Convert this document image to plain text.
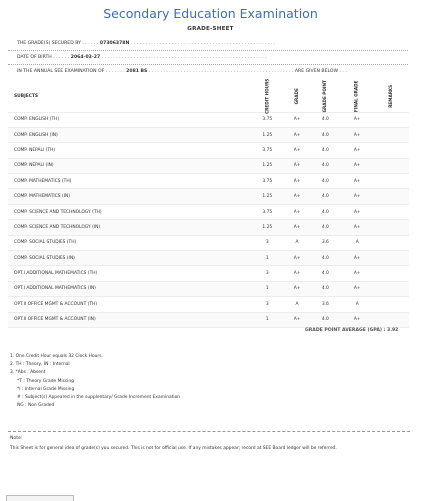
Secondary Education Examination
GRADE-SHEET
THE GRADE(S) SECURED BY . . . . . . 07306378N . . . . . . . . . . . . . . . . . . . . . . . . . . . . . . . . . . . . . . . . . . . . . . . . . .
DATE OF BIRTH . . . . . . 2064-03-27 . . . . . . . . . . . . . . . . . . . . . . . . . . . . . . . . . . . . . . . . . . . . . . . . . . . . . . . . .
IN THE ANNUAL SEE EXAMINATION OF . . . . . . . 2081 BS . . . . . . . . . . . . . . . . . . . . . . . . . . . . . . . . . . . . . . . . . . . . . . . . . . ARE GIVEN BELOW . . .
SUBJECTS	CREDIT HOURS	GRADE	GRADE POINT	FINAL GRADE	REMARKS
COMP. ENGLISH (TH)	3.75	A+	4.0	A+	
COMP. ENGLISH (IN)	1.25	A+	4.0	A+	
COMP. NEPALI (TH)	3.75	A+	4.0	A+	
COMP. NEPALI (IN)	1.25	A+	4.0	A+	
COMP. MATHEMATICS (TH)	3.75	A+	4.0	A+	
COMP. MATHEMATICS (IN)	1.25	A+	4.0	A+	
COMP. SCIENCE AND TECHNOLOGY (TH)	3.75	A+	4.0	A+	
COMP. SCIENCE AND TECHNOLOGY (IN)	1.25	A+	4.0	A+	
COMP. SOCIAL STUDIES (TH)	3	A	3.6	A	
COMP. SOCIAL STUDIES (IN)	1	A+	4.0	A+	
OPT.I ADDITIONAL MATHEMATICS (TH)	3	A+	4.0	A+	
OPT.I ADDITIONAL MATHEMATICS (IN)	1	A+	4.0	A+	
OPT.II OFFICE MGMT & ACCOUNT (TH)	3	A	3.6	A	
OPT.II OFFICE MGMT & ACCOUNT (IN)	1	A+	4.0	A+	
GRADE POINT AVERAGE (GPA) : 3.92
1. One Credit Hour equals 32 Clock Hours.
2. TH : Theory, IN : Internal
3. *Abs : Absent
*T : Theory Grade Missing
*I : Internal Grade Missing
# : Subject(s) Appeared in the supplentary/ Grade Increment Examination
NG : Non Graded
Note:
This Sheet is for general idea of grade(s) you secured. This is not for official use. If any mistakes appear; record at SEE Board ledger will be referred.
